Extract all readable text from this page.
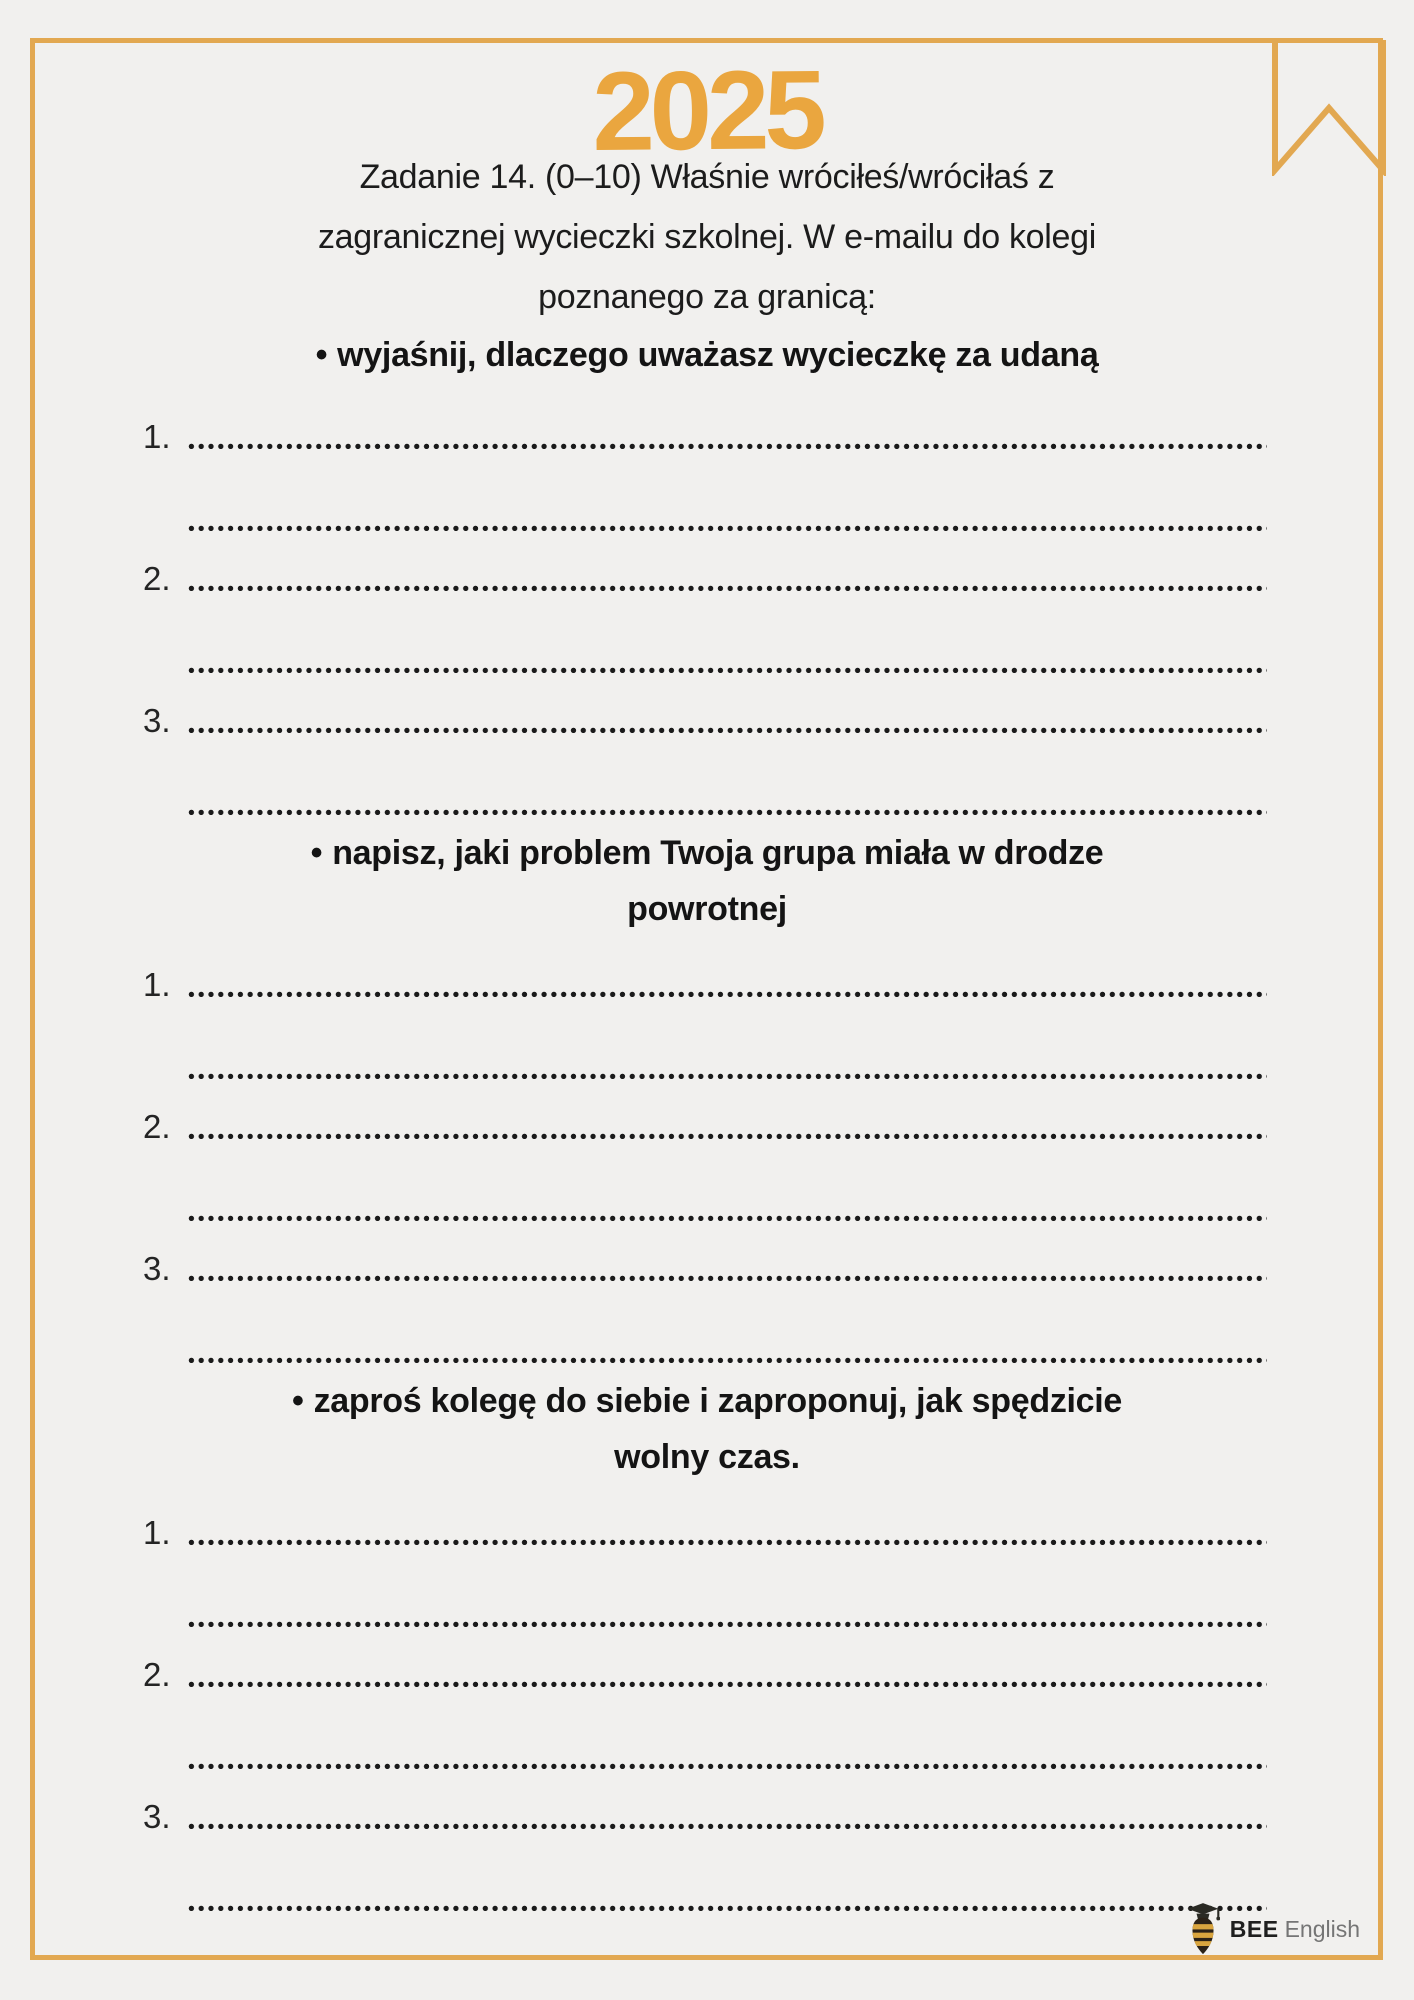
2025
Zadanie 14. (0–10) Właśnie wróciłeś/wróciłaś z
zagranicznej wycieczki szkolnej. W e-mailu do kolegi
poznanego za granicą:
• wyjaśnij, dlaczego uważasz wycieczkę za udaną
1.
2.
3.
• napisz, jaki problem Twoja grupa miała w drodze
powrotnej
1.
2.
3.
• zaproś kolegę do siebie i zaproponuj, jak spędzicie
wolny czas.
1.
2.
3.
BEE English
